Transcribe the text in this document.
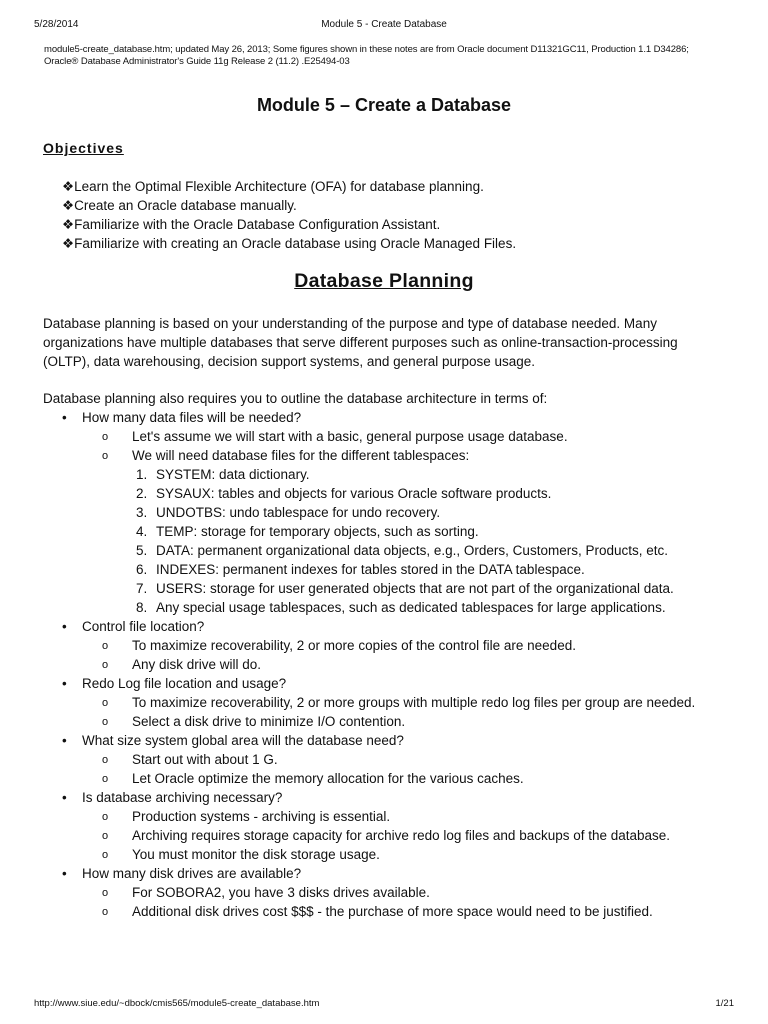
5/28/2014	Module 5 - Create Database
module5-create_database.htm; updated May 26, 2013; Some figures shown in these notes are from Oracle document D11321GC11, Production 1.1 D34286;
Oracle® Database Administrator's Guide 11g Release 2 (11.2) .E25494-03
Module 5 – Create a Database
Objectives
❖Learn the Optimal Flexible Architecture (OFA) for database planning.
❖Create an Oracle database manually.
❖Familiarize with the Oracle Database Configuration Assistant.
❖Familiarize with creating an Oracle database using Oracle Managed Files.
Database Planning

Database planning is based on your understanding of the purpose and type of database needed. Many organizations have multiple databases that serve different purposes such as online-transaction-processing (OLTP), data warehousing, decision support systems, and general purpose usage.

Database planning also requires you to outline the database architecture in terms of:

• How many data files will be needed?
o Let's assume we will start with a basic, general purpose usage database.
o We will need database files for the different tablespaces:
1. SYSTEM: data dictionary.
2. SYSAUX: tables and objects for various Oracle software products.
3. UNDOTBS: undo tablespace for undo recovery.
4. TEMP: storage for temporary objects, such as sorting.
5. DATA: permanent organizational data objects, e.g., Orders, Customers, Products, etc.
6. INDEXES: permanent indexes for tables stored in the DATA tablespace.
7. USERS: storage for user generated objects that are not part of the organizational data.
8. Any special usage tablespaces, such as dedicated tablespaces for large applications.
• Control file location?
o To maximize recoverability, 2 or more copies of the control file are needed.
o Any disk drive will do.
• Redo Log file location and usage?
o To maximize recoverability, 2 or more groups with multiple redo log files per group are needed.
o Select a disk drive to minimize I/O contention.
• What size system global area will the database need?
o Start out with about 1 G.
o Let Oracle optimize the memory allocation for the various caches.
• Is database archiving necessary?
o Production systems - archiving is essential.
o Archiving requires storage capacity for archive redo log files and backups of the database.
o You must monitor the disk storage usage.
• How many disk drives are available?
o For SOBORA2, you have 3 disks drives available.
o Additional disk drives cost $$$ - the purchase of more space would need to be justified.
http://www.siue.edu/~dbock/cmis565/module5-create_database.htm	1/21
